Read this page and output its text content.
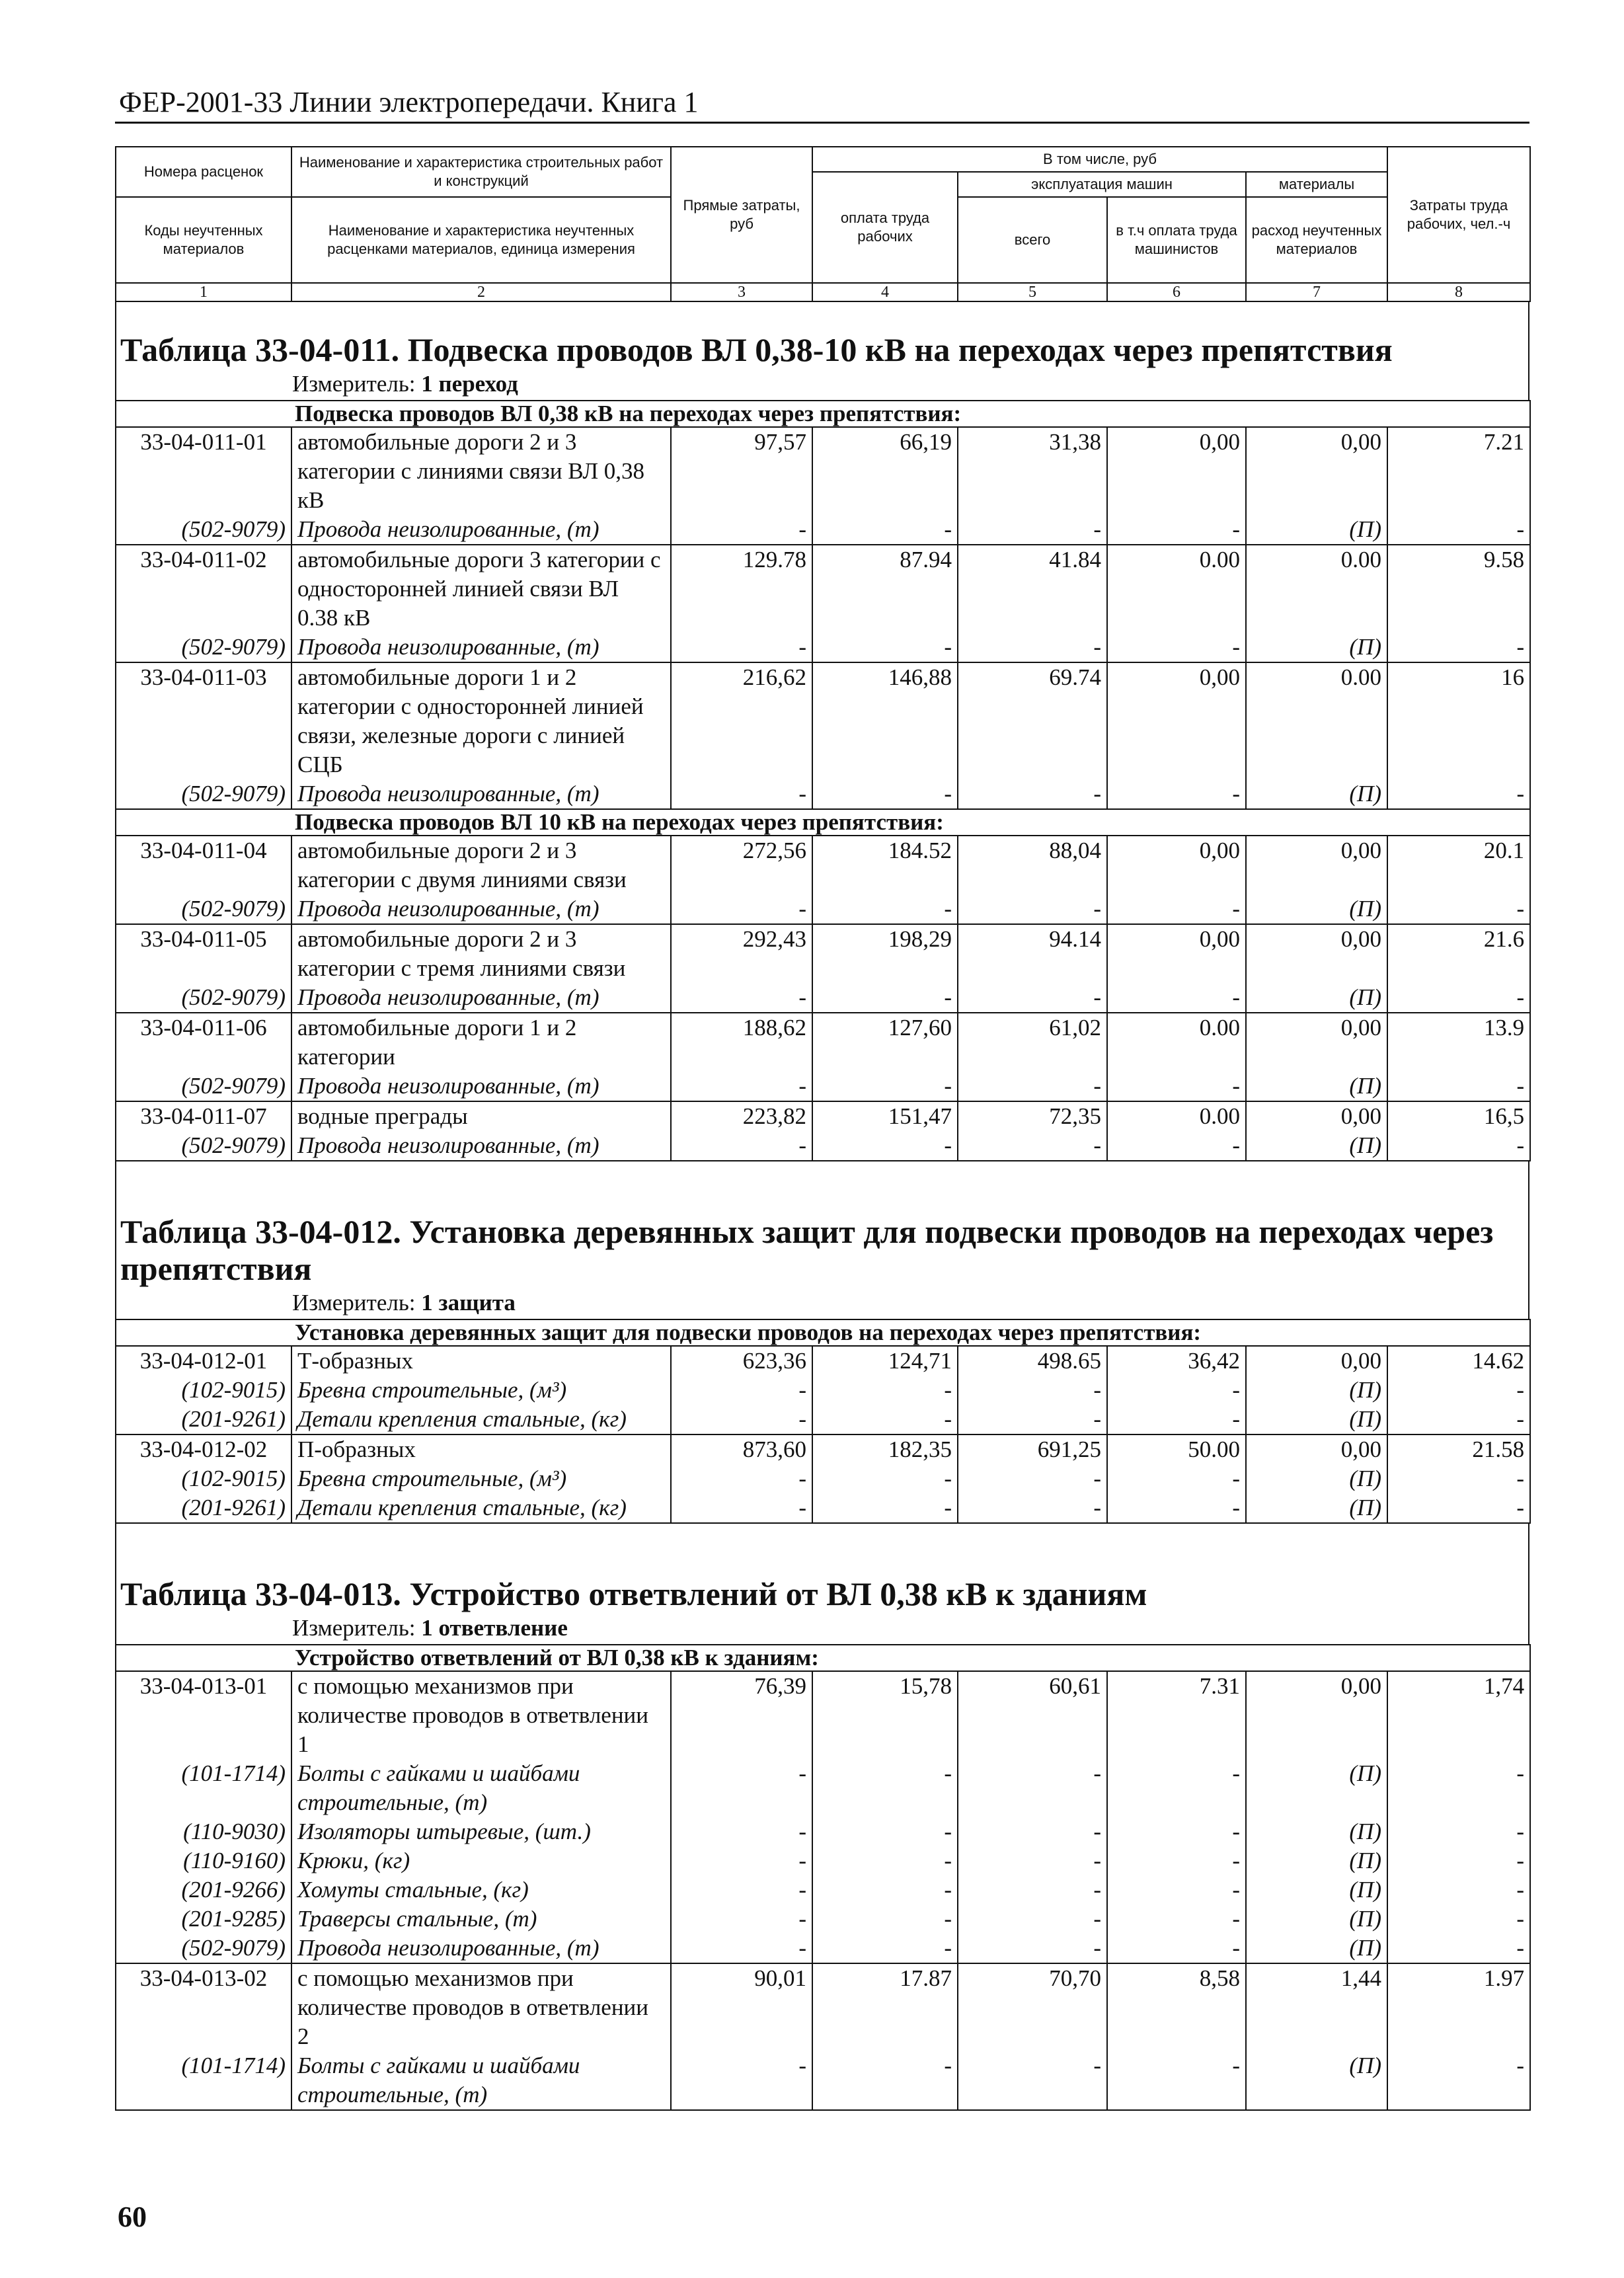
ФЕР-2001-33 Линии электропередачи. Книга 1
Номера расценок	Наименование и характеристика строительных работ и конструкций	Прямые затраты, руб	В том числе, руб				Затраты труда рабочих, чел.-ч
			оплата труда рабочих	эксплуатация машин		материалы	
Коды неучтенных материалов	Наименование и характеристика неучтенных расценками материалов, единица измерения			всего	в т.ч оплата труда машинистов	расход неучтенных материалов	

1	2	3	4	5	6	7	8
Таблица 33-04-011. Подвеска проводов ВЛ 0,38-10 кВ на переходах через препятствия
Измеритель: 1 переход
Подвеска проводов ВЛ 0,38 кВ на переходах через препятствия:							
33-04-011-01	автомобильные дороги 2 и 3 категории с линиями связи ВЛ 0,38 кВ	97,57	66,19	31,38	0,00	0,00	7.21
(502-9079)	Провода неизолированные, (т)	-	-	-	-	(П)	-
33-04-011-02	автомобильные дороги 3 категории с односторонней линией связи ВЛ 0.38 кВ	129.78	87.94	41.84	0.00	0.00	9.58
(502-9079)	Провода неизолированные, (т)	-	-	-	-	(П)	-
33-04-011-03	автомобильные дороги 1 и 2 категории с односторонней линией связи, железные дороги с линией СЦБ	216,62	146,88	69.74	0,00	0.00	16
(502-9079)	Провода неизолированные, (т)	-	-	-	-	(П)	-
Подвеска проводов ВЛ 10 кВ на переходах через препятствия:							
33-04-011-04	автомобильные дороги 2 и 3 категории с двумя линиями связи	272,56	184.52	88,04	0,00	0,00	20.1
(502-9079)	Провода неизолированные, (т)	-	-	-	-	(П)	-
33-04-011-05	автомобильные дороги 2 и 3 категории с тремя линиями связи	292,43	198,29	94.14	0,00	0,00	21.6
(502-9079)	Провода неизолированные, (т)	-	-	-	-	(П)	-
33-04-011-06	автомобильные дороги 1 и 2 категории	188,62	127,60	61,02	0.00	0,00	13.9
(502-9079)	Провода неизолированные, (т)	-	-	-	-	(П)	-
33-04-011-07	водные преграды	223,82	151,47	72,35	0.00	0,00	16,5
(502-9079)	Провода неизолированные, (т)	-	-	-	-	(П)	-
Таблица 33-04-012. Установка деревянных защит для подвески проводов на переходах через препятствия
Измеритель: 1 защита
Установка деревянных защит для подвески проводов на переходах через препятствия:							
33-04-012-01	Т-образных	623,36	124,71	498.65	36,42	0,00	14.62
(102-9015)	Бревна строительные, (м³)	-	-	-	-	(П)	-
(201-9261)	Детали крепления стальные, (кг)	-	-	-	-	(П)	-
33-04-012-02	П-образных	873,60	182,35	691,25	50.00	0,00	21.58
(102-9015)	Бревна строительные, (м³)	-	-	-	-	(П)	-
(201-9261)	Детали крепления стальные, (кг)	-	-	-	-	(П)	-
Таблица 33-04-013. Устройство ответвлений от ВЛ 0,38 кВ к зданиям
Измеритель: 1 ответвление
Устройство ответвлений от ВЛ 0,38 кВ к зданиям:							
33-04-013-01	с помощью механизмов при количестве проводов в ответвлении 1	76,39	15,78	60,61	7.31	0,00	1,74
(101-1714)	Болты с гайками и шайбами строительные, (т)	-	-	-	-	(П)	-
(110-9030)	Изоляторы штыревые, (шт.)	-	-	-	-	(П)	-
(110-9160)	Крюки, (кг)	-	-	-	-	(П)	-
(201-9266)	Хомуты стальные, (кг)	-	-	-	-	(П)	-
(201-9285)	Траверсы стальные, (т)	-	-	-	-	(П)	-
(502-9079)	Провода неизолированные, (т)	-	-	-	-	(П)	-
33-04-013-02	с помощью механизмов при количестве проводов в ответвлении 2	90,01	17.87	70,70	8,58	1,44	1.97
(101-1714)	Болты с гайками и шайбами строительные, (т)	-	-	-	-	(П)	-
60
